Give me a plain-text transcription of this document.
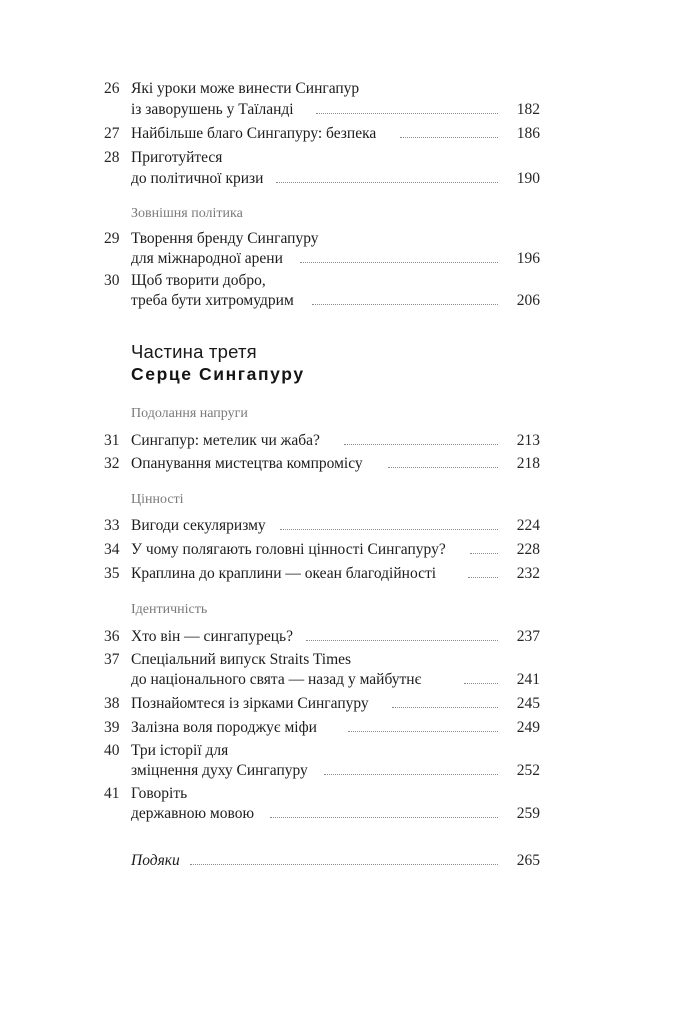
26 Які уроки може винести Сингапур
із заворушень у Таїланді	182
27 Найбільше благо Сингапуру: безпека	186
28 Приготуйтеся
до політичної кризи	190
Зовнішня політика
29 Творення бренду Сингапуру
для міжнародної арени	196
30 Щоб творити добро,
треба бути хитромудрим	206
Частина третя
Серце Сингапуру
Подолання напруги
31 Сингапур: метелик чи жаба?	213
32 Опанування мистецтва компромісу	218
Цінності
33 Вигоди секуляризму	224
34 У чому полягають головні цінності Сингапуру?	228
35 Краплина до краплини — океан благодійності	232
Ідентичність
36 Хто він — сингапурець?	237
37 Спеціальний випуск Straits Times
до національного свята — назад у майбутнє	241
38 Познайомтеся із зірками Сингапуру	245
39 Залізна воля породжує міфи	249
40 Три історії для
зміцнення духу Сингапуру	252
41 Говоріть
державною мовою	259
Подяки	265
